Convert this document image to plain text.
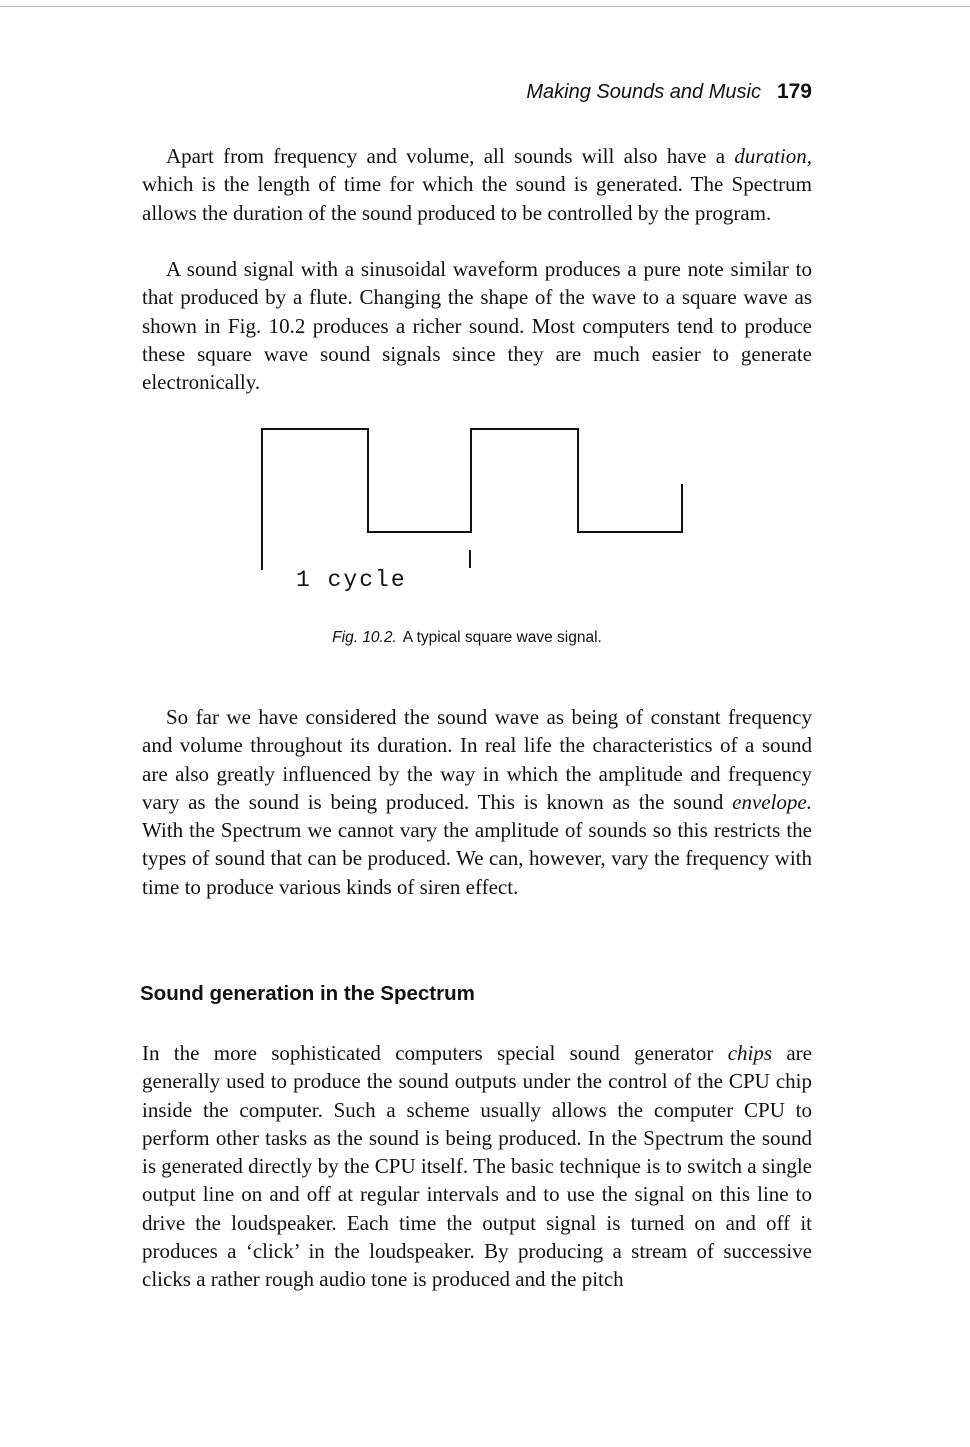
Making Sounds and Music 179

Apart from frequency and volume, all sounds will also have a duration, which is the length of time for which the sound is generated. The Spectrum allows the duration of the sound produced to be controlled by the program.

A sound signal with a sinusoidal waveform produces a pure note similar to that produced by a flute. Changing the shape of the wave to a square wave as shown in Fig. 10.2 produces a richer sound. Most computers tend to produce these square wave sound signals since they are much easier to generate electronically.

1 cycle
Fig. 10.2. A typical square wave signal.

So far we have considered the sound wave as being of constant frequency and volume throughout its duration. In real life the characteristics of a sound are also greatly influenced by the way in which the amplitude and frequency vary as the sound is being produced. This is known as the sound envelope. With the Spectrum we cannot vary the amplitude of sounds so this restricts the types of sound that can be produced. We can, however, vary the frequency with time to produce various kinds of siren effect.

Sound generation in the Spectrum

In the more sophisticated computers special sound generator chips are generally used to produce the sound outputs under the control of the CPU chip inside the computer. Such a scheme usually allows the computer CPU to perform other tasks as the sound is being produced. In the Spectrum the sound is generated directly by the CPU itself. The basic technique is to switch a single output line on and off at regular intervals and to use the signal on this line to drive the loudspeaker. Each time the output signal is turned on and off it produces a ‘click’ in the loudspeaker. By producing a stream of successive clicks a rather rough audio tone is produced and the pitch
